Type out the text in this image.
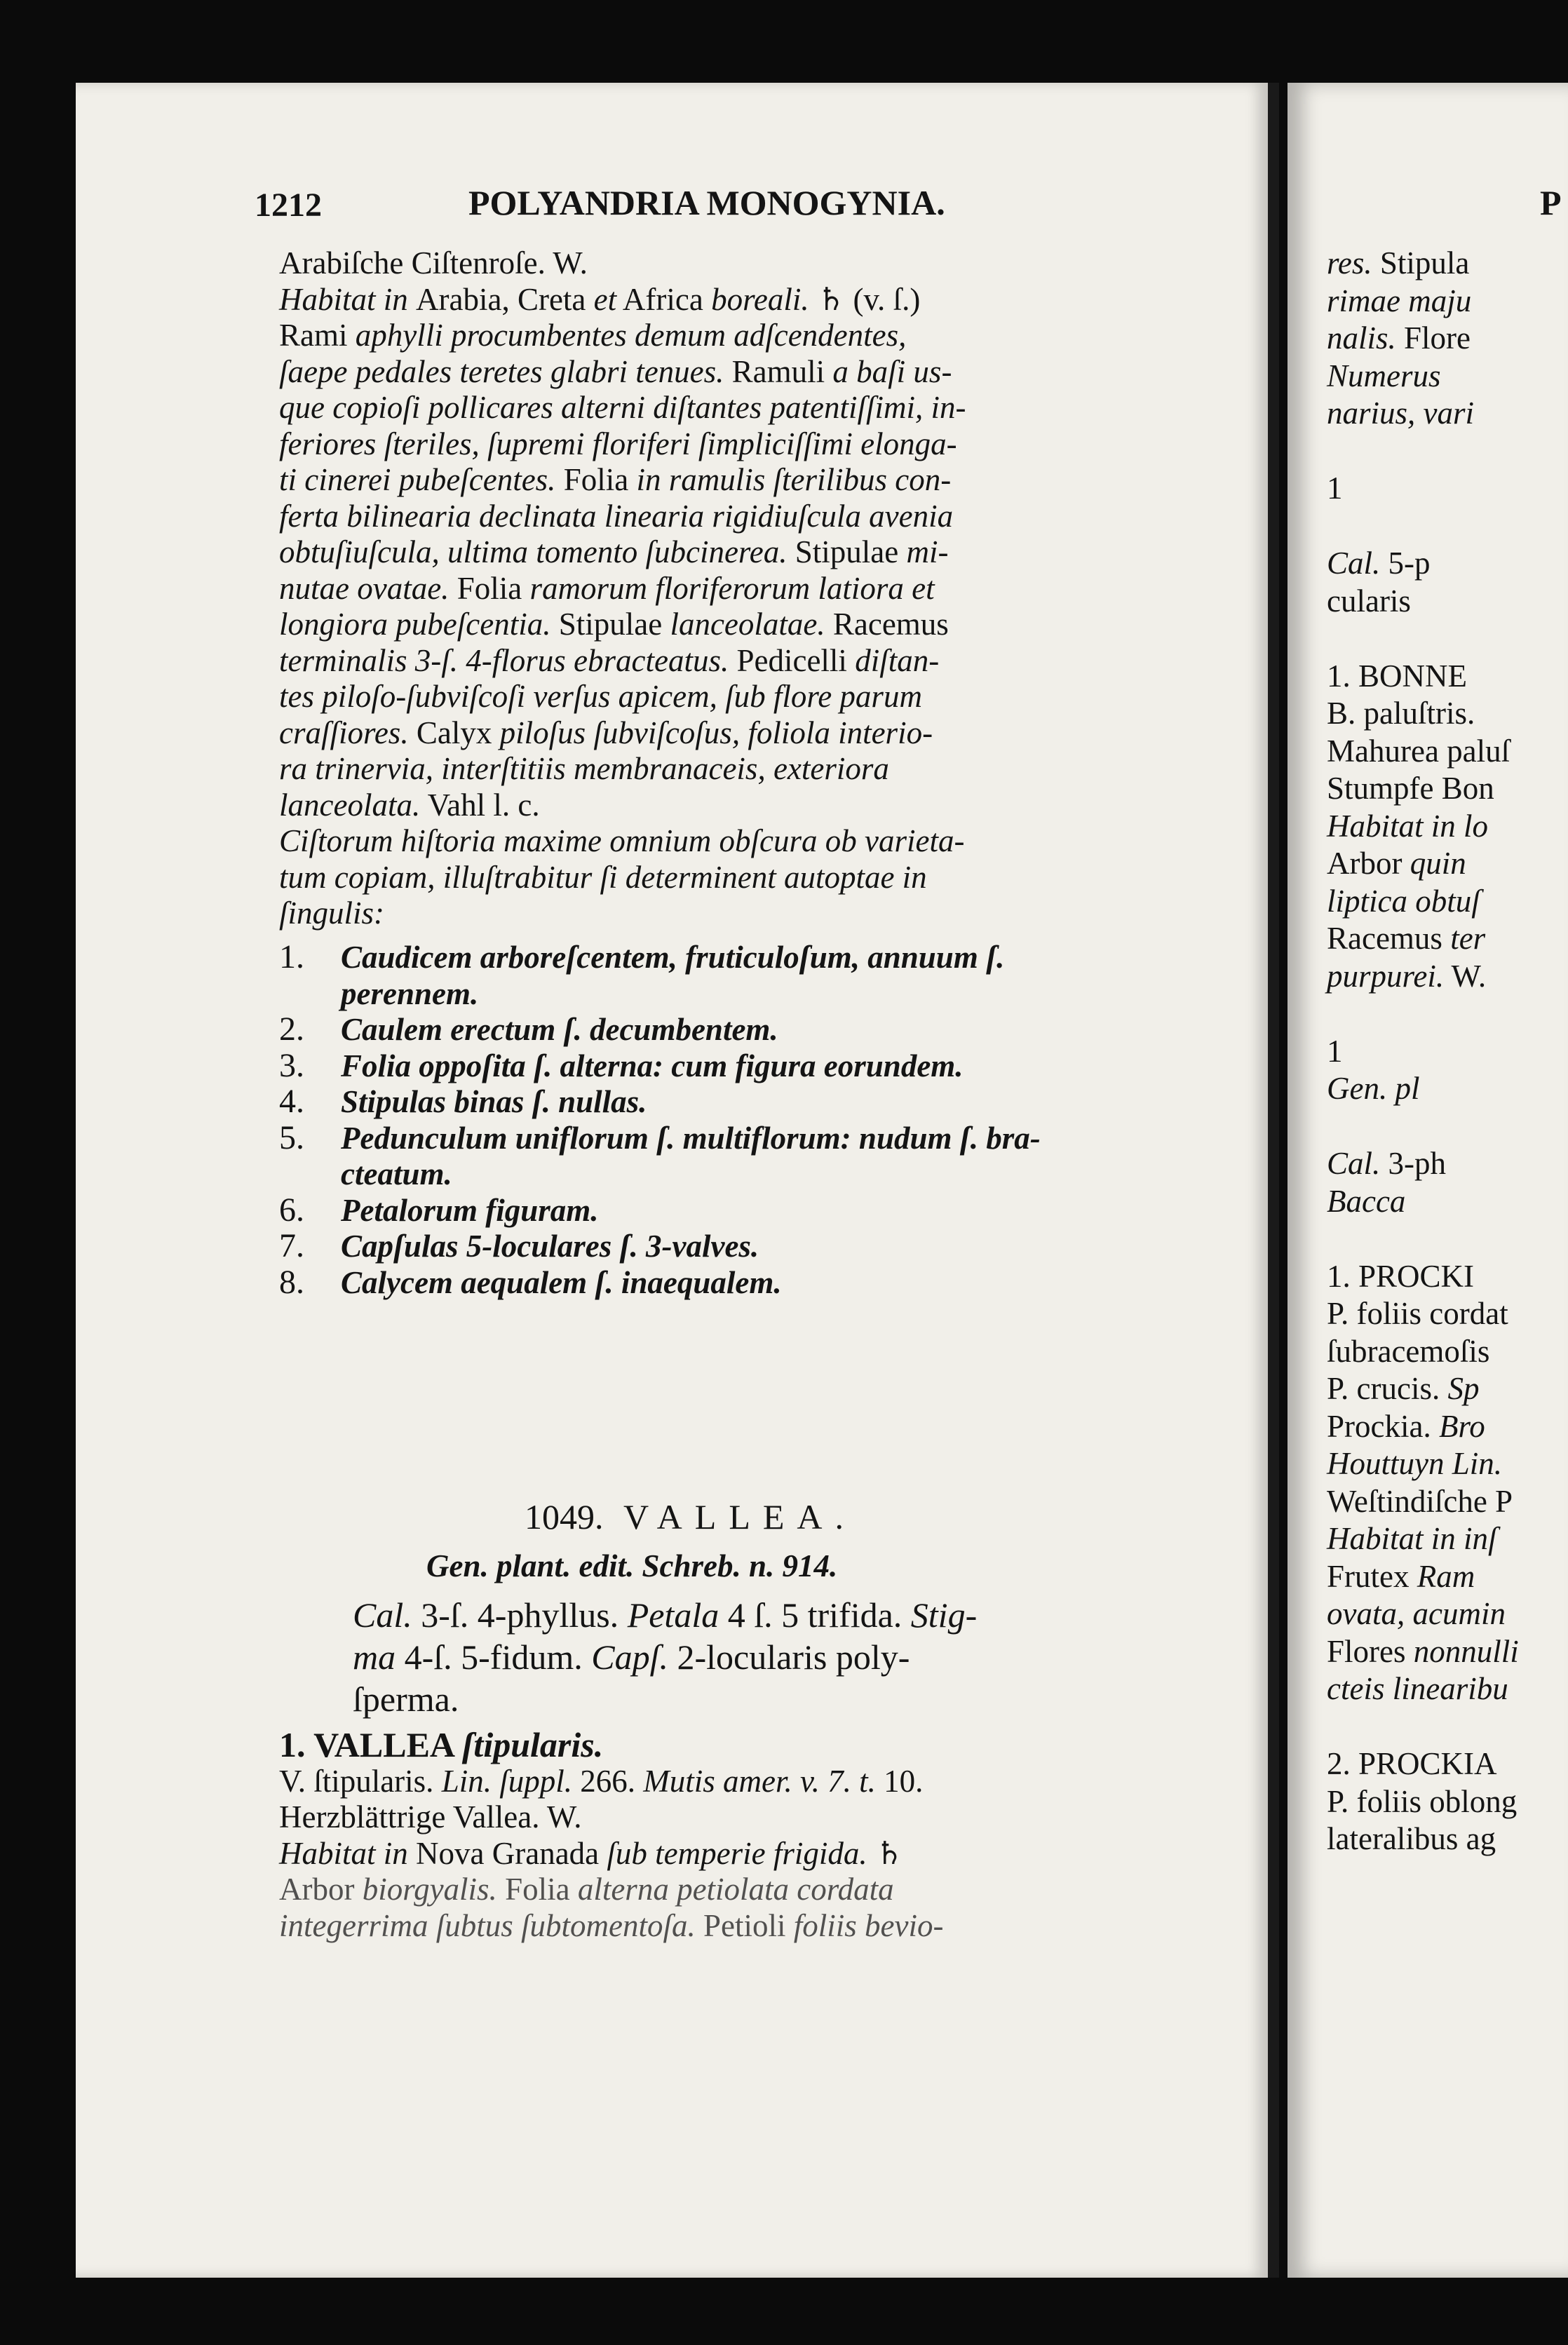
1212	POLYANDRIA MONOGYNIA.
Arabiſche Ciſtenroſe. W.
Habitat in Arabia, Creta et Africa boreali. ♄ (v. ſ.)
Rami aphylli procumbentes demum adſcendentes,
ſaepe pedales teretes glabri tenues. Ramuli a baſi us-
que copioſi pollicares alterni diſtantes patentiſſimi, in-
feriores ſteriles, ſupremi floriferi ſimpliciſſimi elonga-
ti cinerei pubeſcentes. Folia in ramulis ſterilibus con-
ferta bilinearia declinata linearia rigidiuſcula avenia
obtuſiuſcula, ultima tomento ſubcinerea. Stipulae mi-
nutae ovatae. Folia ramorum floriferorum latiora et
longiora pubeſcentia. Stipulae lanceolatae. Racemus
terminalis 3-ſ. 4-florus ebracteatus. Pedicelli diſtan-
tes piloſo-ſubviſcoſi verſus apicem, ſub flore parum
craſſiores. Calyx piloſus ſubviſcoſus, foliola interio-
ra trinervia, interſtitiis membranaceis, exteriora
lanceolata. Vahl l. c.
Ciſtorum hiſtoria maxime omnium obſcura ob varieta-
tum copiam, illuſtrabitur ſi determinent autoptae in
ſingulis:
1. Caudicem arboreſcentem, fruticuloſum, annuum ſ.
perennem.
2. Caulem erectum ſ. decumbentem.
3. Folia oppoſita ſ. alterna: cum figura eorundem.
4. Stipulas binas ſ. nullas.
5. Pedunculum uniflorum ſ. multiflorum: nudum ſ. bra-
cteatum.
6. Petalorum figuram.
7. Capſulas 5-loculares ſ. 3-valves.
8. Calycem aequalem ſ. inaequalem.
1049. VALLEA.
Gen. plant. edit. Schreb. n. 914.
Cal. 3-ſ. 4-phyllus. Petala 4 ſ. 5 trifida. Stig-
ma 4-ſ. 5-fidum. Capſ. 2-locularis poly-
ſperma.
1. VALLEA ſtipularis.
V. ſtipularis. Lin. ſuppl. 266. Mutis amer. v. 7. t. 10.
Herzblättrige Vallea. W.
Habitat in Nova Granada ſub temperie frigida. ♄
Arbor biorgyalis. Folia alterna petiolata cordata
integerrima ſubtus ſubtomentoſa. Petioli foliis bevio-
P
res. Stipula
rimae maju
nalis. Flore
Numerus
narius, vari
1
Cal. 5-p
cularis
1. BONNE
B. paluſtris.
Mahurea paluſ
Stumpfe Bon
Habitat in lo
Arbor quin
liptica obtuſ
Racemus ter
purpurei. W.
1
Gen. pl
Cal. 3-ph
Bacca
1. PROCKI
P. foliis cordat
ſubracemoſis
P. crucis. Sp
Prockia. Bro
Houttuyn Lin.
Weſtindiſche P
Habitat in inſ
Frutex Ram
ovata, acumin
Flores nonnulli
cteis linearibu
2. PROCKIA
P. foliis oblong
lateralibus ag
